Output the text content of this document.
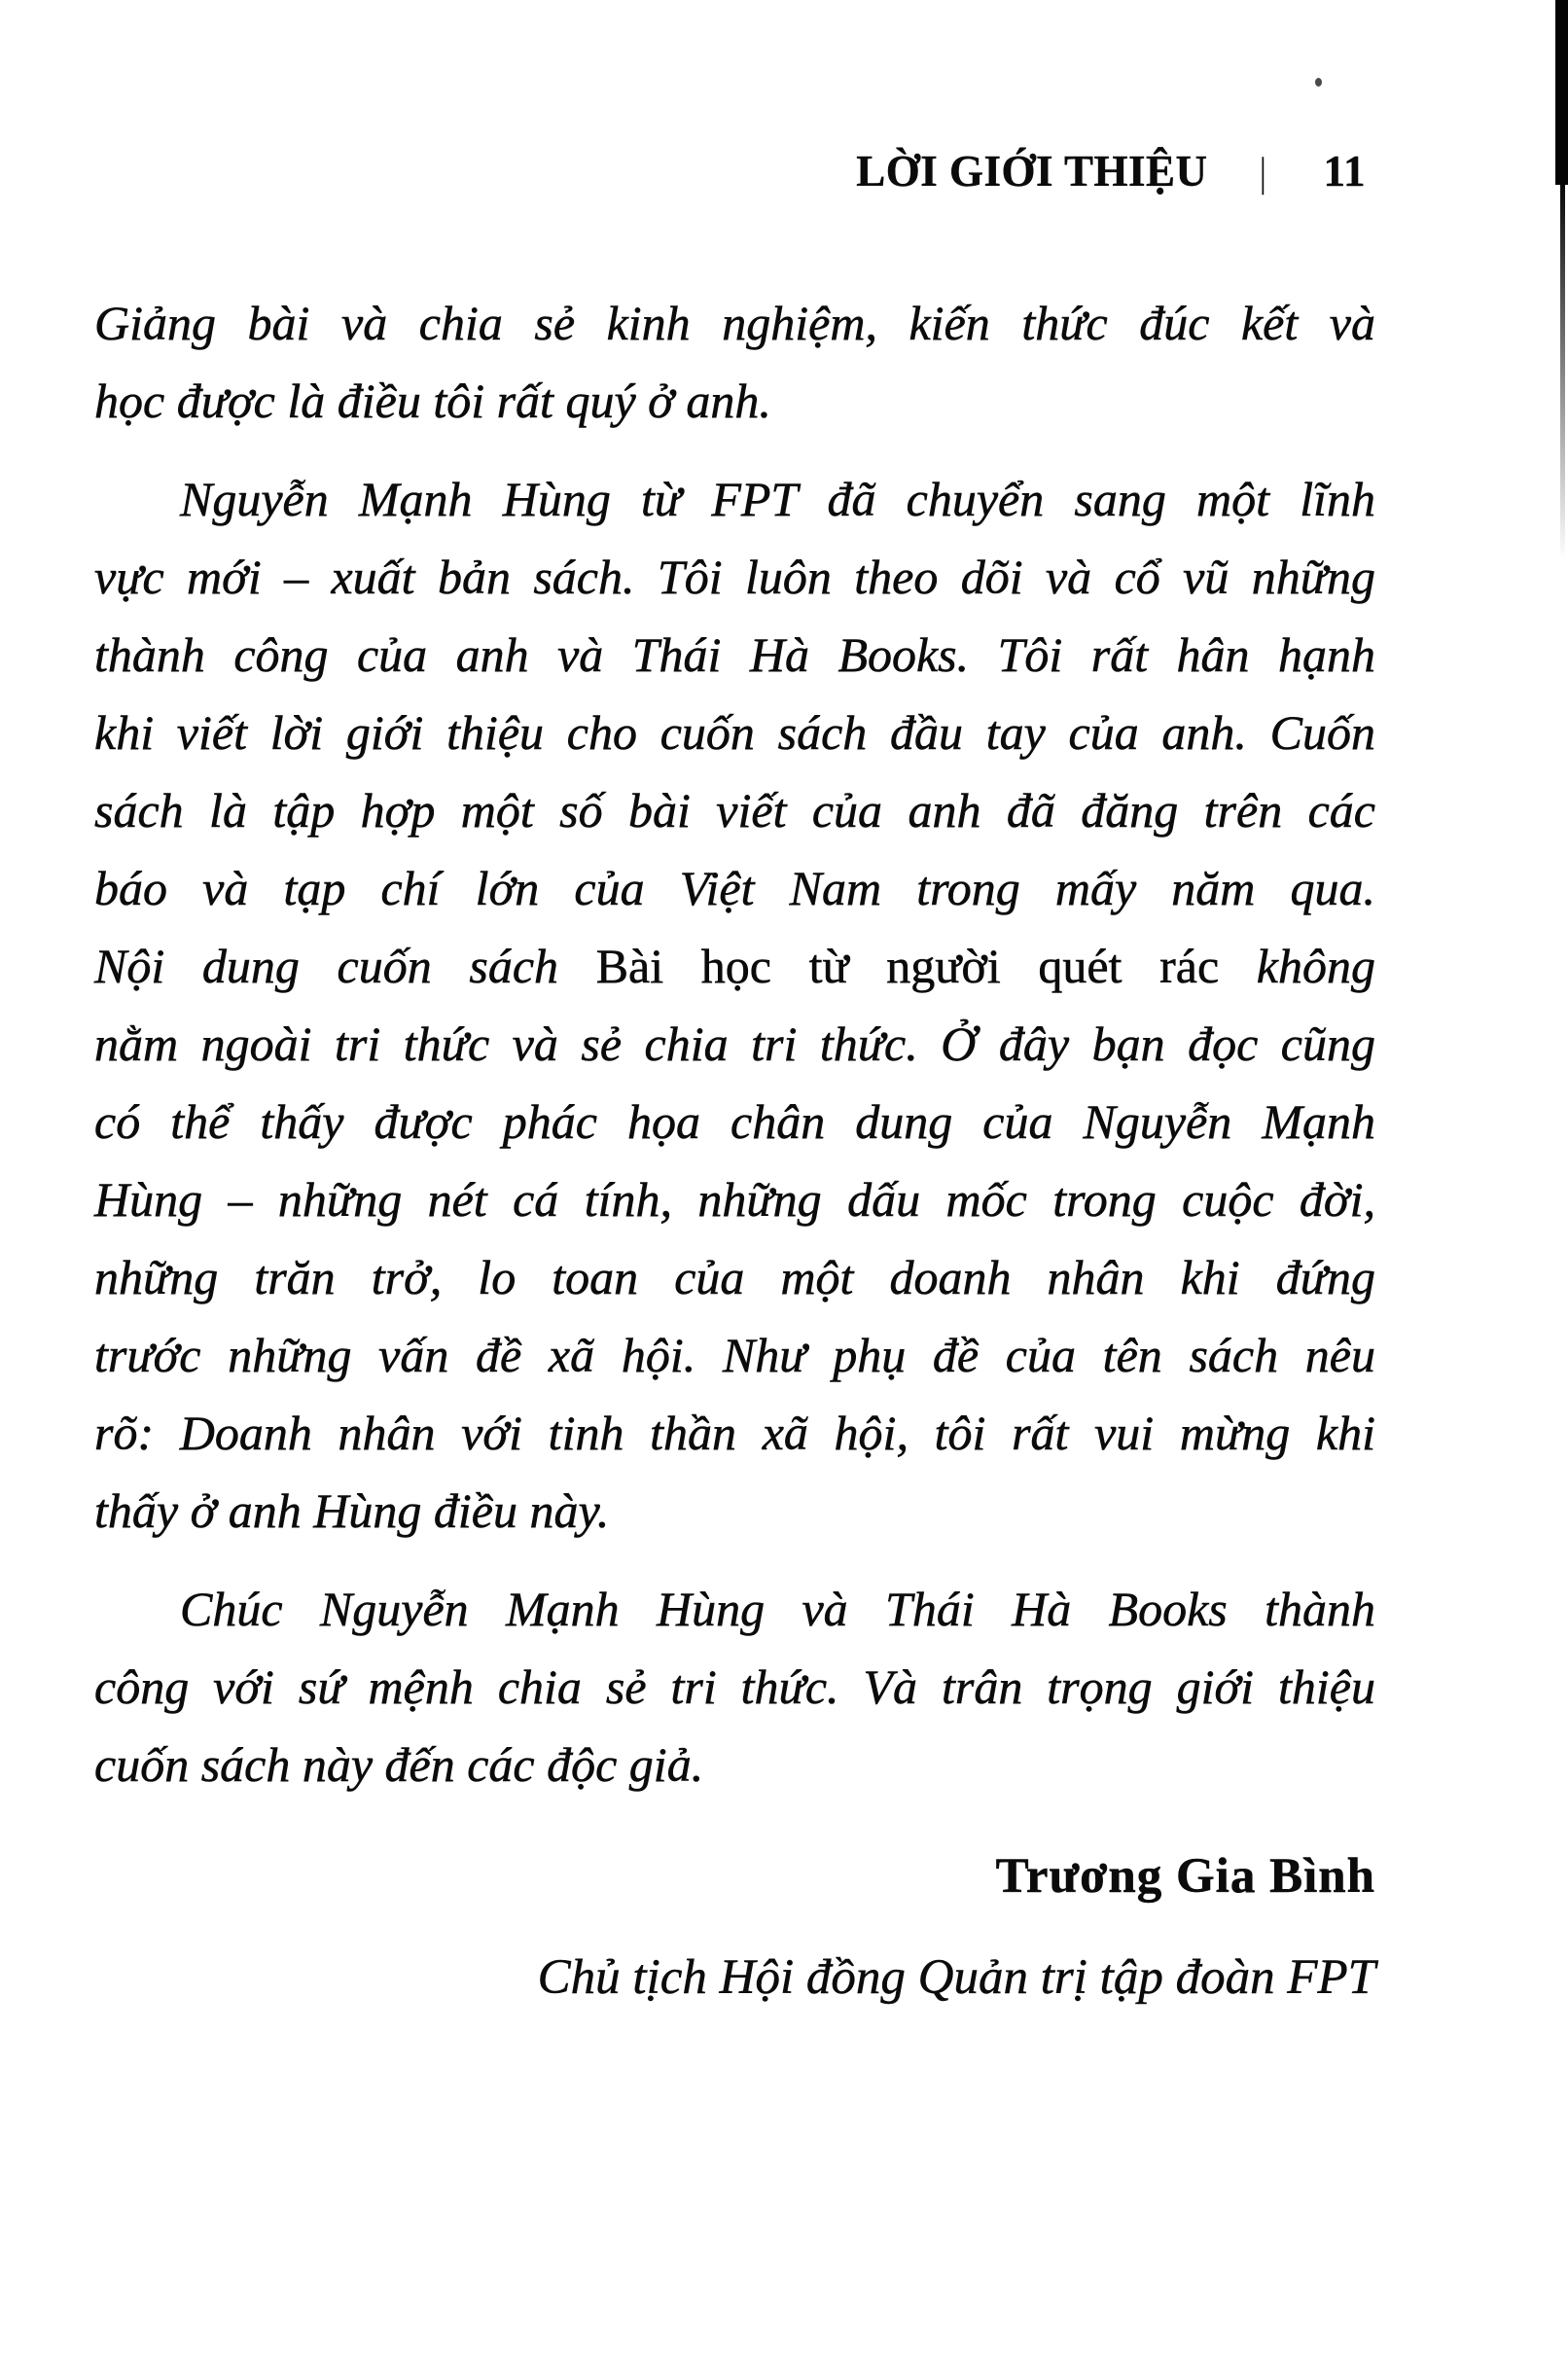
LỜI GIỚI THIỆU | 11
Giảng bài và chia sẻ kinh nghiệm, kiến thức đúc kết và
học được là điều tôi rất quý ở anh.
Nguyễn Mạnh Hùng từ FPT đã chuyển sang một lĩnh
vực mới – xuất bản sách. Tôi luôn theo dõi và cổ vũ những
thành công của anh và Thái Hà Books. Tôi rất hân hạnh
khi viết lời giới thiệu cho cuốn sách đầu tay của anh. Cuốn
sách là tập hợp một số bài viết của anh đã đăng trên các
báo và tạp chí lớn của Việt Nam trong mấy năm qua.
Nội dung cuốn sách Bài học từ người quét rác không
nằm ngoài tri thức và sẻ chia tri thức. Ở đây bạn đọc cũng
có thể thấy được phác họa chân dung của Nguyễn Mạnh
Hùng – những nét cá tính, những dấu mốc trong cuộc đời,
những trăn trở, lo toan của một doanh nhân khi đứng
trước những vấn đề xã hội. Như phụ đề của tên sách nêu
rõ: Doanh nhân với tinh thần xã hội, tôi rất vui mừng khi
thấy ở anh Hùng điều này.
Chúc Nguyễn Mạnh Hùng và Thái Hà Books thành
công với sứ mệnh chia sẻ tri thức. Và trân trọng giới thiệu
cuốn sách này đến các độc giả.
Trương Gia Bình
Chủ tịch Hội đồng Quản trị tập đoàn FPT
